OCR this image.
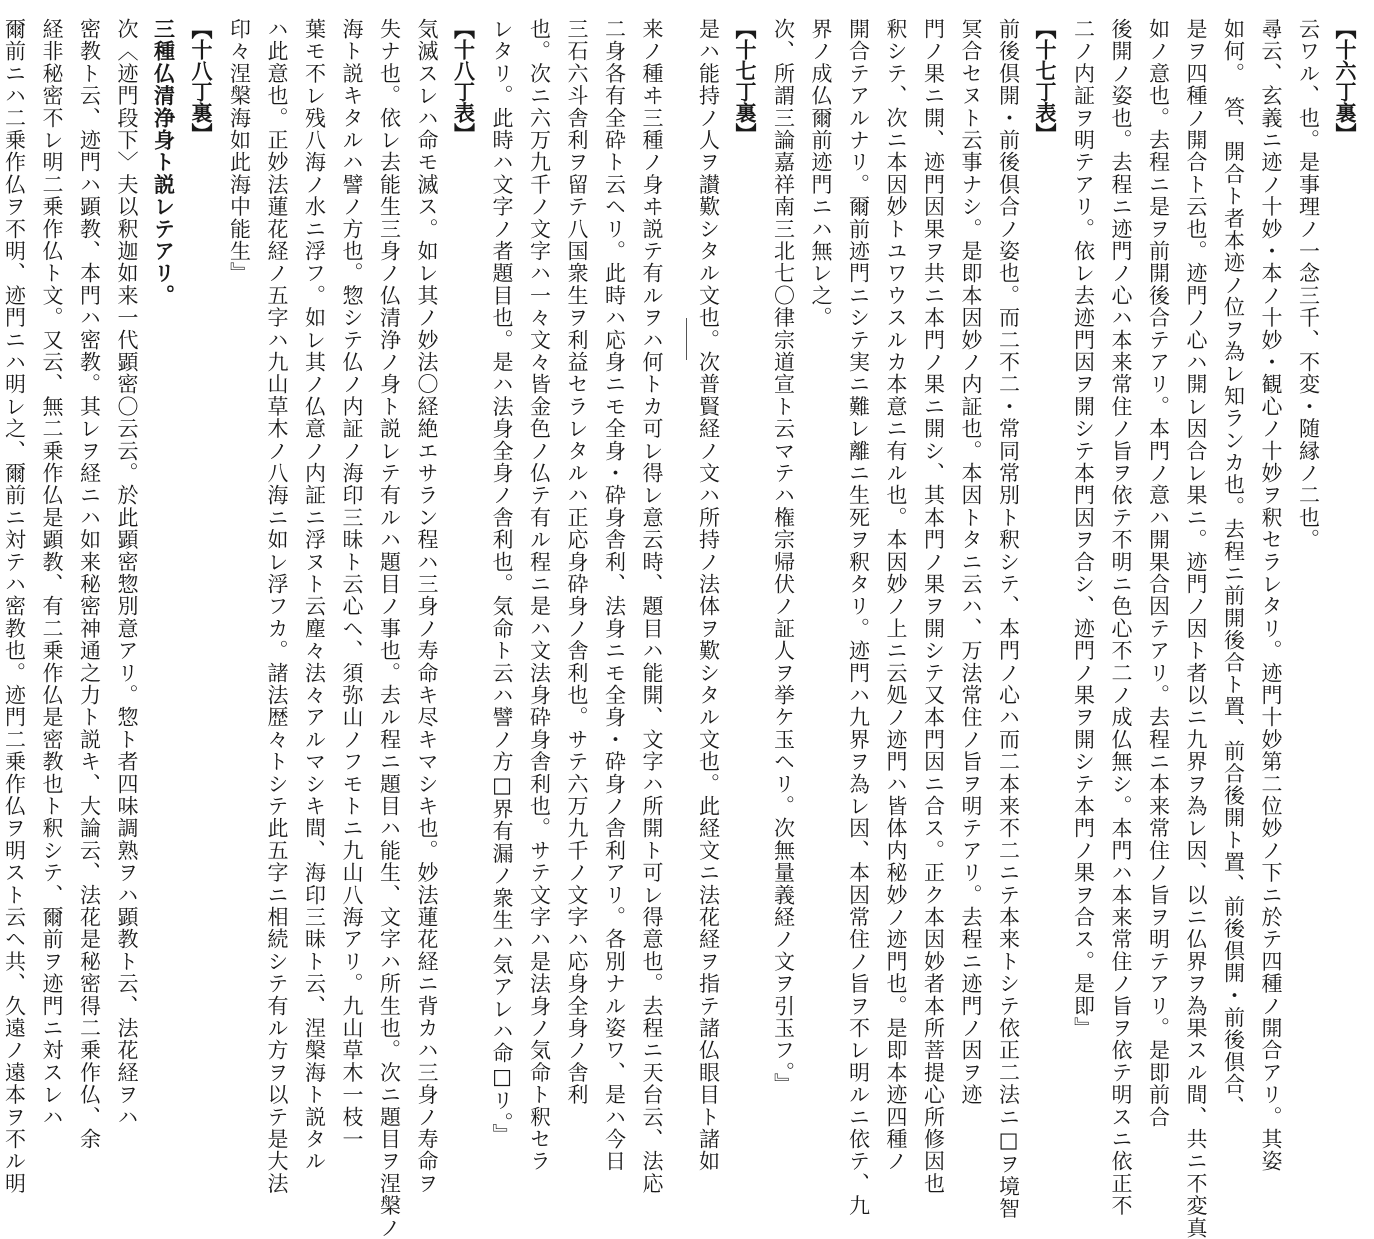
【十六丁裏】
云ワル、也。是事理ノ一念三千、不変・随縁ノ二也。
尋云、玄義ニ迹ノ十妙・本ノ十妙・観心ノ十妙ヲ釈セラレタリ。迹門十妙第二位妙ノ下ニ於テ四種ノ開合アリ。其姿
如何。　答、開合ト者本迹ノ位ヲ為レ知ランカ也。去程ニ前開後合ト置、前合後開ト置、前後倶開・前後倶合、
是ヲ四種ノ開合ト云也。迹門ノ心ハ開レ因合レ果ニ。迹門ノ因ト者以ニ九界ヲ為レ因、以ニ仏界ヲ為果スル間、共ニ不変真
如ノ意也。去程ニ是ヲ前開後合テアリ。本門ノ意ハ開果合因テアリ。去程ニ本来常住ノ旨ヲ明テアリ。是即前合
後開ノ姿也。去程ニ迹門ノ心ハ本来常住ノ旨ヲ依テ不明ニ色心不二ノ成仏無シ。本門ハ本来常住ノ旨ヲ依テ明スニ依正不
二ノ内証ヲ明テアリ。依レ去迹門因ヲ開シテ本門因ヲ合シ、迹門ノ果ヲ開シテ本門ノ果ヲ合ス。是即』
【十七丁表】
前後倶開・前後倶合ノ姿也。而二不二・常同常別ト釈シテ、本門ノ心ハ而二本来不二ニテ本来トシテ依正二法ニ□ヲ境智
冥合セヌト云事ナシ。是即本因妙ノ内証也。本因トタニ云ハ、万法常住ノ旨ヲ明テアリ。去程ニ迹門ノ因ヲ迹
門ノ果ニ開、迹門因果ヲ共ニ本門ノ果ニ開シ、其本門ノ果ヲ開シテ又本門因ニ合ス。正ク本因妙者本所菩提心所修因也
釈シテ、次ニ本因妙トユワウスルカ本意ニ有ル也。本因妙ノ上ニ云処ノ迹門ハ皆体内秘妙ノ迹門也。是即本迹四種ノ
開合テアルナリ。爾前迹門ニシテ実ニ難レ離ニ生死ヲ釈タリ。迹門ハ九界ヲ為レ因、本因常住ノ旨ヲ不レ明ルニ依テ、九
界ノ成仏爾前迹門ニハ無レ之。
次、所謂三論嘉祥南三北七〇律宗道宣ト云マテハ権宗帰伏ノ証人ヲ挙ケ玉ヘリ。次無量義経ノ文ヲ引玉フ。』
【十七丁裏】
是ハ能持ノ人ヲ讃歎シタル文也。次普賢経ノ文ハ所持ノ法体ヲ歎シタル文也。此経文ニ法花経ヲ指テ諸仏眼目ト諸如
来ノ種ヰ三種ノ身ヰ説テ有ルヲハ何トカ可レ得レ意云時、題目ハ能開、文字ハ所開ト可レ得意也。去程ニ天台云、法応
二身各有全砕ト云ヘリ。此時ハ応身ニモ全身・砕身舎利、法身ニモ全身・砕身ノ舎利アリ。各別ナル姿ワ、是ハ今日
三石六斗舎利ヲ留テ八国衆生ヲ利益セラレタルハ正応身砕身ノ舎利也。サテ六万九千ノ文字ハ応身全身ノ舎利
也。次ニ六万九千ノ文字ハ一々文々皆金色ノ仏テ有ル程ニ是ハ文法身砕身舎利也。サテ文字ハ是法身ノ気命ト釈セラ
レタリ。此時ハ文字ノ者題目也。是ハ法身全身ノ舎利也。気命ト云ハ譬ノ方□界有漏ノ衆生ハ気アレハ命□リ。』
【十八丁表】
気滅スレハ命モ滅ス。如レ其ノ妙法〇経絶エサラン程ハ三身ノ寿命キ尽キマシキ也。妙法蓮花経ニ背カハ三身ノ寿命ヲ
失ナ也。依レ去能生三身ノ仏清浄ノ身ト説レテ有ルハ題目ノ事也。去ル程ニ題目ハ能生、文字ハ所生也。次ニ題目ヲ涅槃ノ
海ト説キタルハ譬ノ方也。惣シテ仏ノ内証ノ海印三昧ト云心ヘ、須弥山ノフモトニ九山八海アリ。九山草木一枝一
葉モ不レ残八海ノ水ニ浮フ。如レ其ノ仏意ノ内証ニ浮ヌト云塵々法々アルマシキ間、海印三昧ト云、涅槃海ト説タル
ハ此意也。正妙法蓮花経ノ五字ハ九山草木ノ八海ニ如レ浮フカ。諸法歴々トシテ此五字ニ相続シテ有ル方ヲ以テ是大法
印々涅槃海如此海中能生』
【十八丁裏】
三種仏清浄身ト説レテアリ。
次〈迹門段下〉夫以釈迦如来一代顕密〇云云。於此顕密惣別意アリ。惣ト者四味調熟ヲハ顕教ト云、法花経ヲハ
密教ト云、迹門ハ顕教、本門ハ密教。其レヲ経ニハ如来秘密神通之力ト説キ、大論云、法花是秘密得二乗作仏、余
経非秘密不レ明二乗作仏ト文。又云、無二乗作仏是顕教、有二乗作仏是密教也ト釈シテ、爾前ヲ迹門ニ対スレハ
爾前ニハ二乗作仏ヲ不明、迹門ニハ明レ之、爾前ニ対テハ密教也。迹門二乗作仏ヲ明スト云ヘ共、久遠ノ遠本ヲ不ル明
